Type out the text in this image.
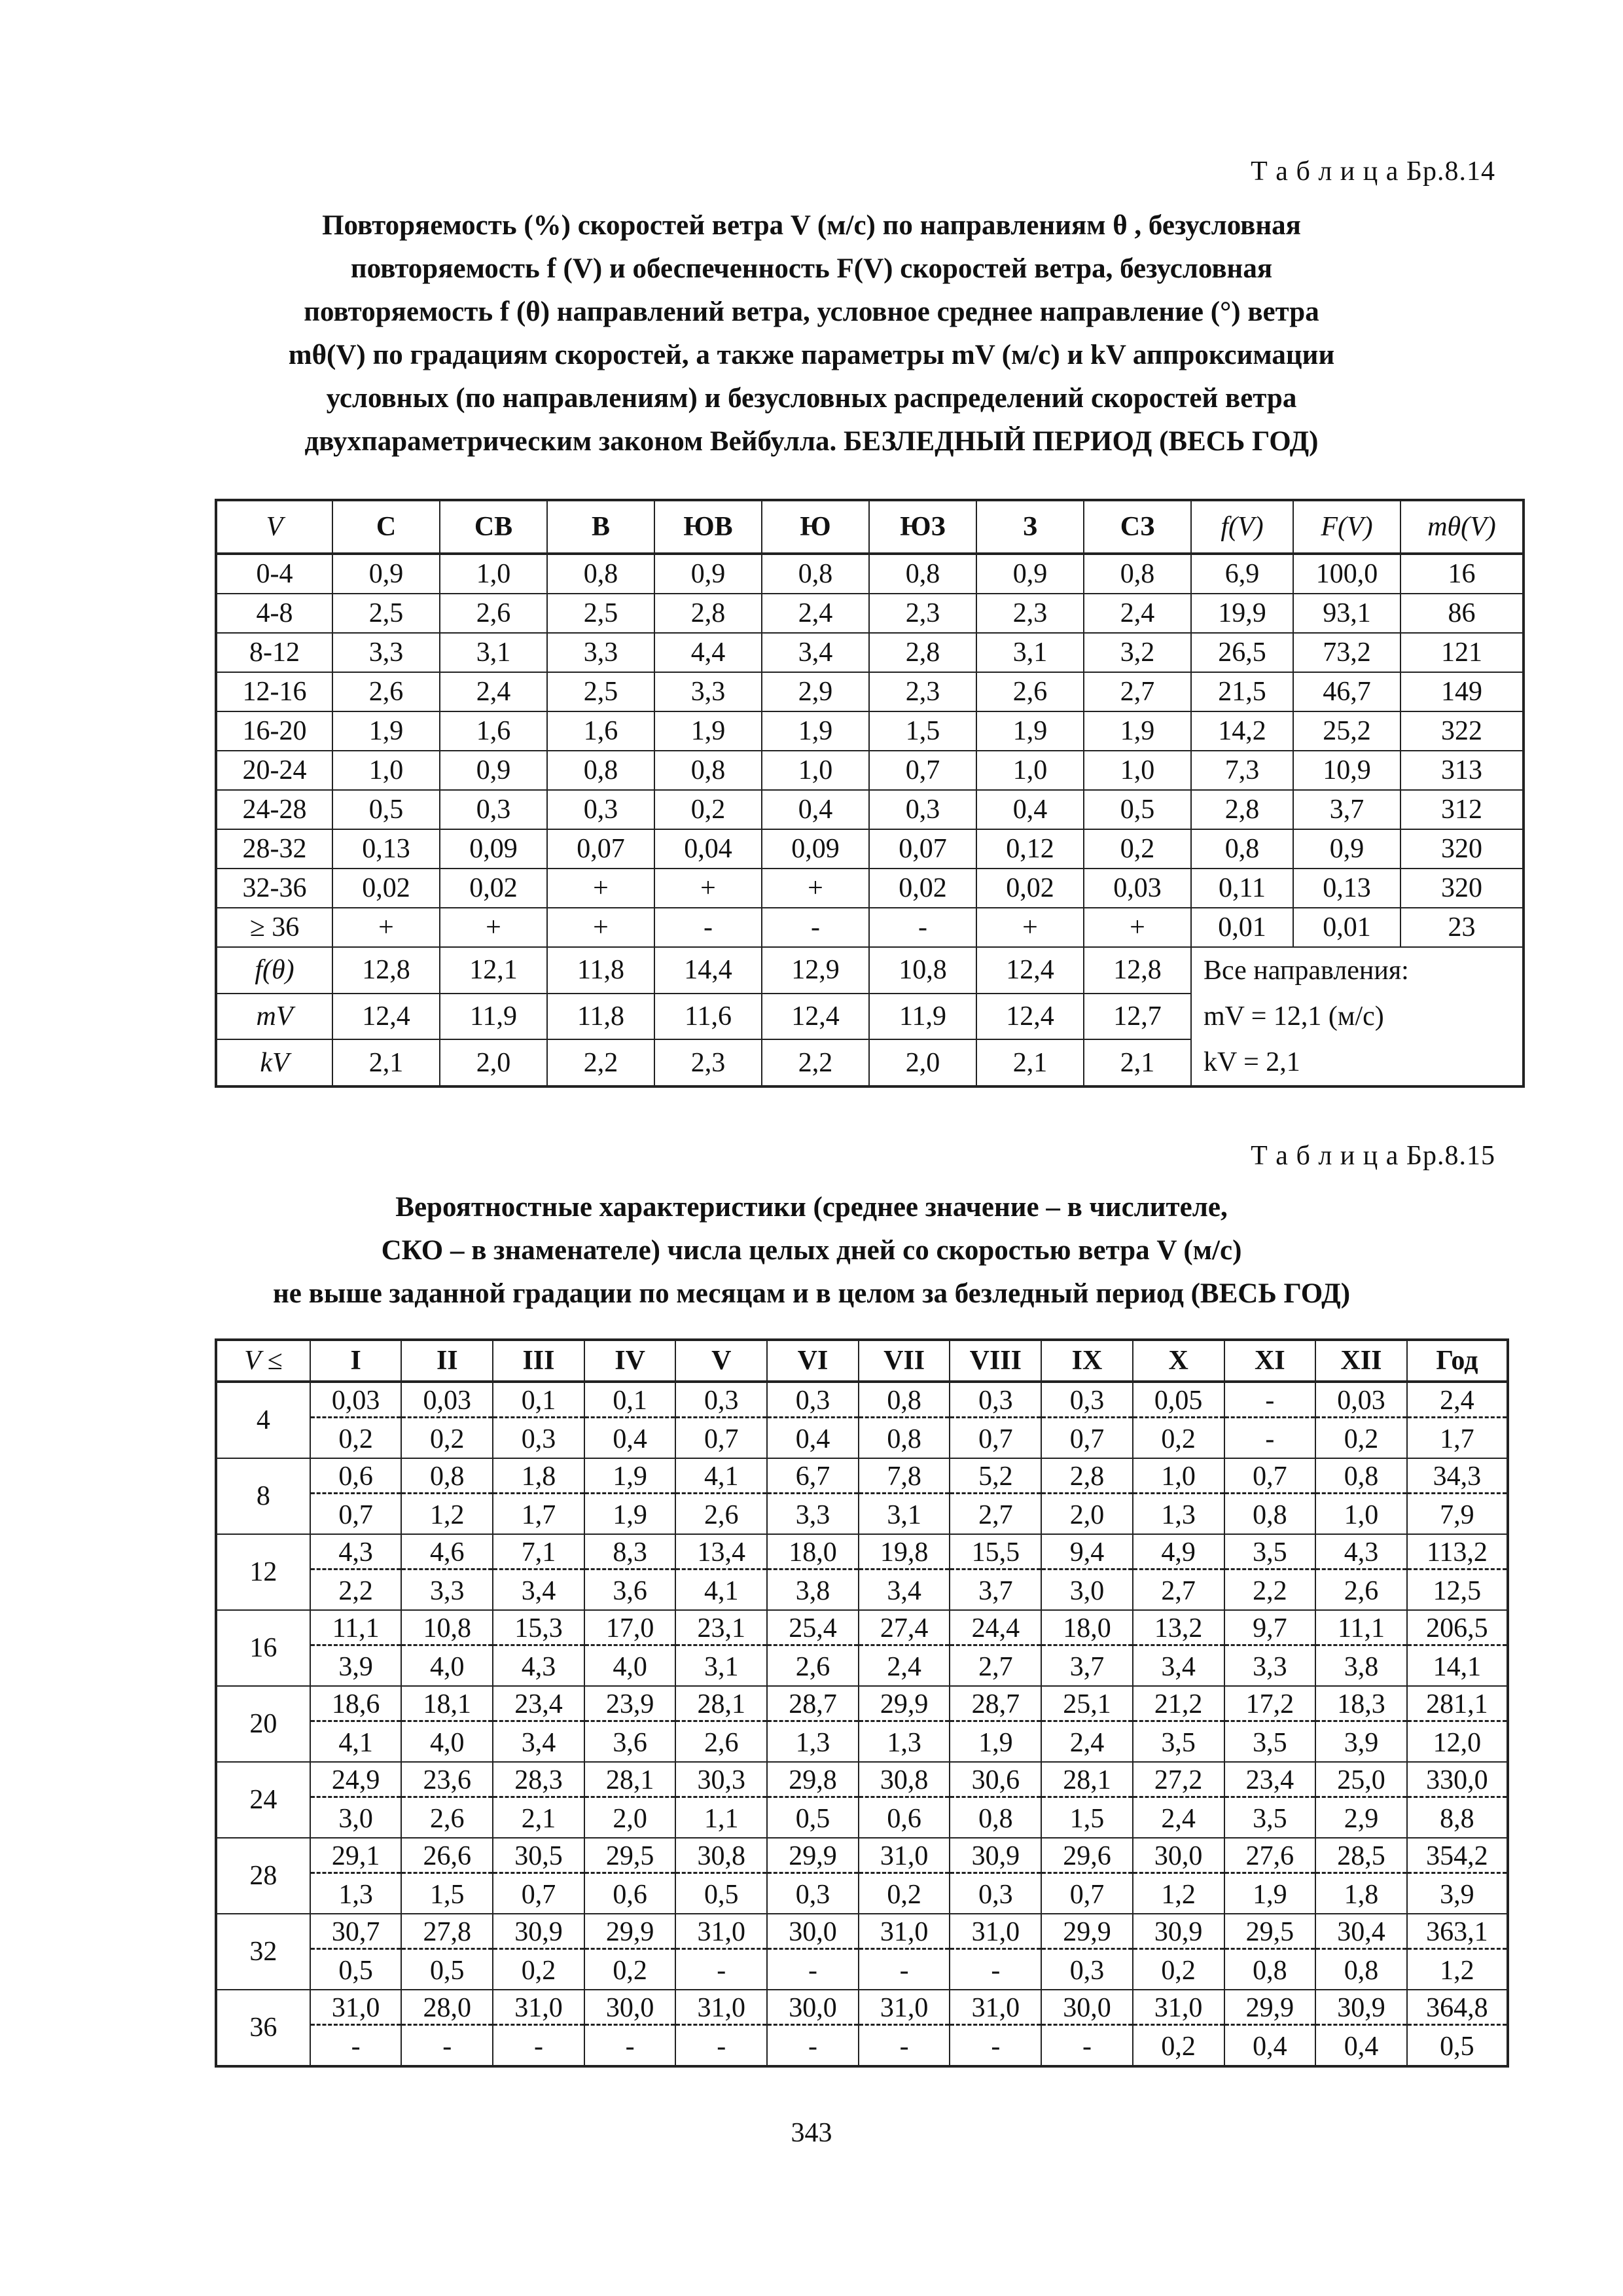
Т а б л и ц а Бр.8.14
Повторяемость (%) скоростей ветра V (м/с) по направлениям θ , безусловная
повторяемость f (V) и обеспеченность F(V) скоростей ветра, безусловная
повторяемость f (θ) направлений ветра, условное среднее направление (°) ветра
mθ(V) по градациям скоростей, а также параметры mV (м/с) и kV аппроксимации
условных (по направлениям) и безусловных распределений скоростей ветра
двухпараметрическим законом Вейбулла. БЕЗЛЕДНЫЙ ПЕРИОД (ВЕСЬ ГОД)
V	С	СВ	В	ЮВ	Ю	ЮЗ	З	СЗ	f(V)	F(V)	mθ(V)
0-4	0,9	1,0	0,8	0,9	0,8	0,8	0,9	0,8	6,9	100,0	16
4-8	2,5	2,6	2,5	2,8	2,4	2,3	2,3	2,4	19,9	93,1	86
8-12	3,3	3,1	3,3	4,4	3,4	2,8	3,1	3,2	26,5	73,2	121
12-16	2,6	2,4	2,5	3,3	2,9	2,3	2,6	2,7	21,5	46,7	149
16-20	1,9	1,6	1,6	1,9	1,9	1,5	1,9	1,9	14,2	25,2	322
20-24	1,0	0,9	0,8	0,8	1,0	0,7	1,0	1,0	7,3	10,9	313
24-28	0,5	0,3	0,3	0,2	0,4	0,3	0,4	0,5	2,8	3,7	312
28-32	0,13	0,09	0,07	0,04	0,09	0,07	0,12	0,2	0,8	0,9	320
32-36	0,02	0,02	+	+	+	0,02	0,02	0,03	0,11	0,13	320
≥ 36	+	+	+	-	-	-	+	+	0,01	0,01	23
f(θ)	12,8	12,1	11,8	14,4	12,9	10,8	12,4	12,8	Все направления:
mV = 12,1 (м/с)
kV = 2,1		

mV	12,4	11,9	11,8	11,6	12,4	11,9	12,4	12,7			
kV	2,1	2,0	2,2	2,3	2,2	2,0	2,1	2,1			
Т а б л и ц а Бр.8.15
Вероятностные характеристики (среднее значение – в числителе,
СКО – в знаменателе) числа целых дней со скоростью ветра V (м/с)
не выше заданной градации по месяцам и в целом за безледный период (ВЕСЬ ГОД)
V ≤	I	II	III	IV	V	VI	VII	VIII	IX	X	XI	XII	Год
4	0,03	0,03	0,1	0,1	0,3	0,3	0,8	0,3	0,3	0,05	-	0,03	2,4
	0,2	0,2	0,3	0,4	0,7	0,4	0,8	0,7	0,7	0,2	-	0,2	1,7
8	0,6	0,8	1,8	1,9	4,1	6,7	7,8	5,2	2,8	1,0	0,7	0,8	34,3
	0,7	1,2	1,7	1,9	2,6	3,3	3,1	2,7	2,0	1,3	0,8	1,0	7,9
12	4,3	4,6	7,1	8,3	13,4	18,0	19,8	15,5	9,4	4,9	3,5	4,3	113,2
	2,2	3,3	3,4	3,6	4,1	3,8	3,4	3,7	3,0	2,7	2,2	2,6	12,5
16	11,1	10,8	15,3	17,0	23,1	25,4	27,4	24,4	18,0	13,2	9,7	11,1	206,5
	3,9	4,0	4,3	4,0	3,1	2,6	2,4	2,7	3,7	3,4	3,3	3,8	14,1
20	18,6	18,1	23,4	23,9	28,1	28,7	29,9	28,7	25,1	21,2	17,2	18,3	281,1
	4,1	4,0	3,4	3,6	2,6	1,3	1,3	1,9	2,4	3,5	3,5	3,9	12,0
24	24,9	23,6	28,3	28,1	30,3	29,8	30,8	30,6	28,1	27,2	23,4	25,0	330,0
	3,0	2,6	2,1	2,0	1,1	0,5	0,6	0,8	1,5	2,4	3,5	2,9	8,8
28	29,1	26,6	30,5	29,5	30,8	29,9	31,0	30,9	29,6	30,0	27,6	28,5	354,2
	1,3	1,5	0,7	0,6	0,5	0,3	0,2	0,3	0,7	1,2	1,9	1,8	3,9
32	30,7	27,8	30,9	29,9	31,0	30,0	31,0	31,0	29,9	30,9	29,5	30,4	363,1
	0,5	0,5	0,2	0,2	-	-	-	-	0,3	0,2	0,8	0,8	1,2
36	31,0	28,0	31,0	30,0	31,0	30,0	31,0	31,0	30,0	31,0	29,9	30,9	364,8
	-	-	-	-	-	-	-	-	-	0,2	0,4	0,4	0,5
343
